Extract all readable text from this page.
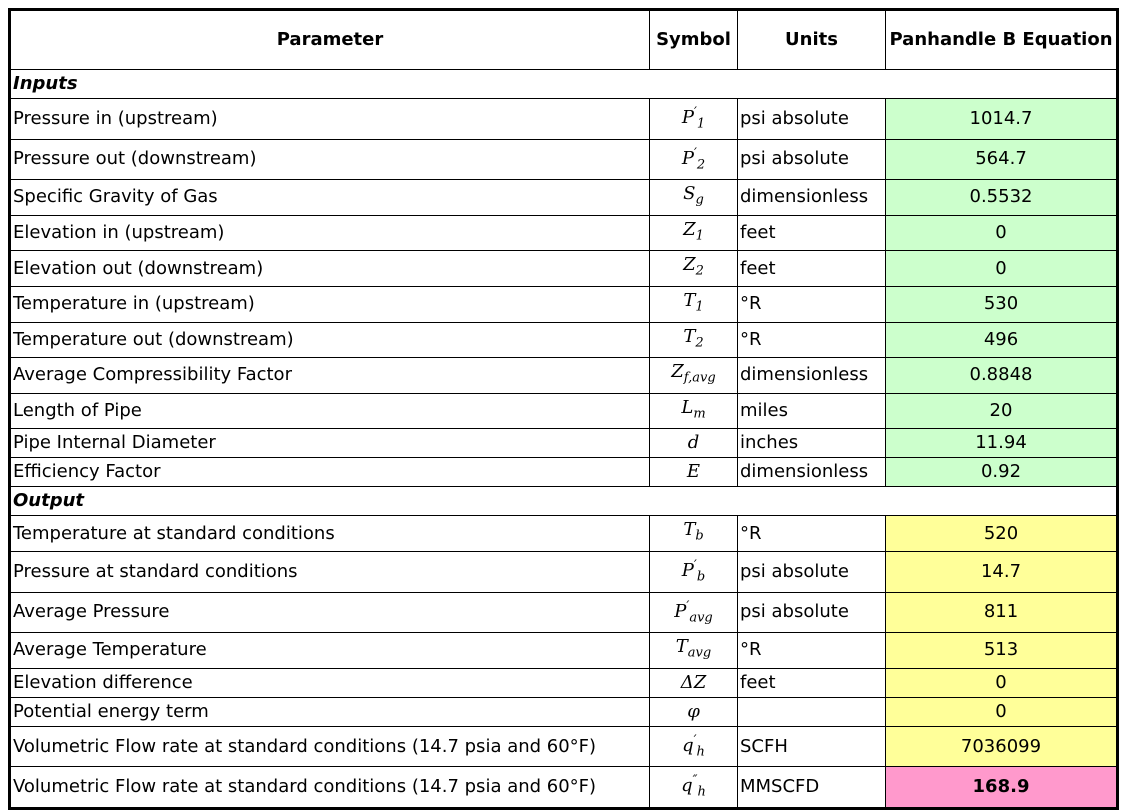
Parameter	Symbol	Units	Panhandle B Equation
Inputs			
Pressure in (upstream)	$P'_1$	psi absolute	1014.7
Pressure out (downstream)	$P'_2$	psi absolute	564.7
Specific Gravity of Gas	$S_g$	dimensionless	0.5532
Elevation in (upstream)	$Z_1$	feet	0
Elevation out (downstream)	$Z_2$	feet	0
Temperature in (upstream)	$T_1$	°R	530
Temperature out (downstream)	$T_2$	°R	496
Average Compressibility Factor	$Z_{f,avg}$	dimensionless	0.8848
Length of Pipe	$L_m$	miles	20
Pipe Internal Diameter	d	inches	11.94
Efficiency Factor	E	dimensionless	0.92
Output			
Temperature at standard conditions	$T_b$	°R	520
Pressure at standard conditions	$P'_b$	psi absolute	14.7
Average Pressure	$P'_{avg}$	psi absolute	811
Average Temperature	$T_{avg}$	°R	513
Elevation difference	ΔZ	feet	0
Potential energy term	φ		0
Volumetric Flow rate at standard conditions (14.7 psia and 60°F)	$q'_h$	SCFH	7036099
Volumetric Flow rate at standard conditions (14.7 psia and 60°F)	$q''_h$	MMSCFD	168.9
